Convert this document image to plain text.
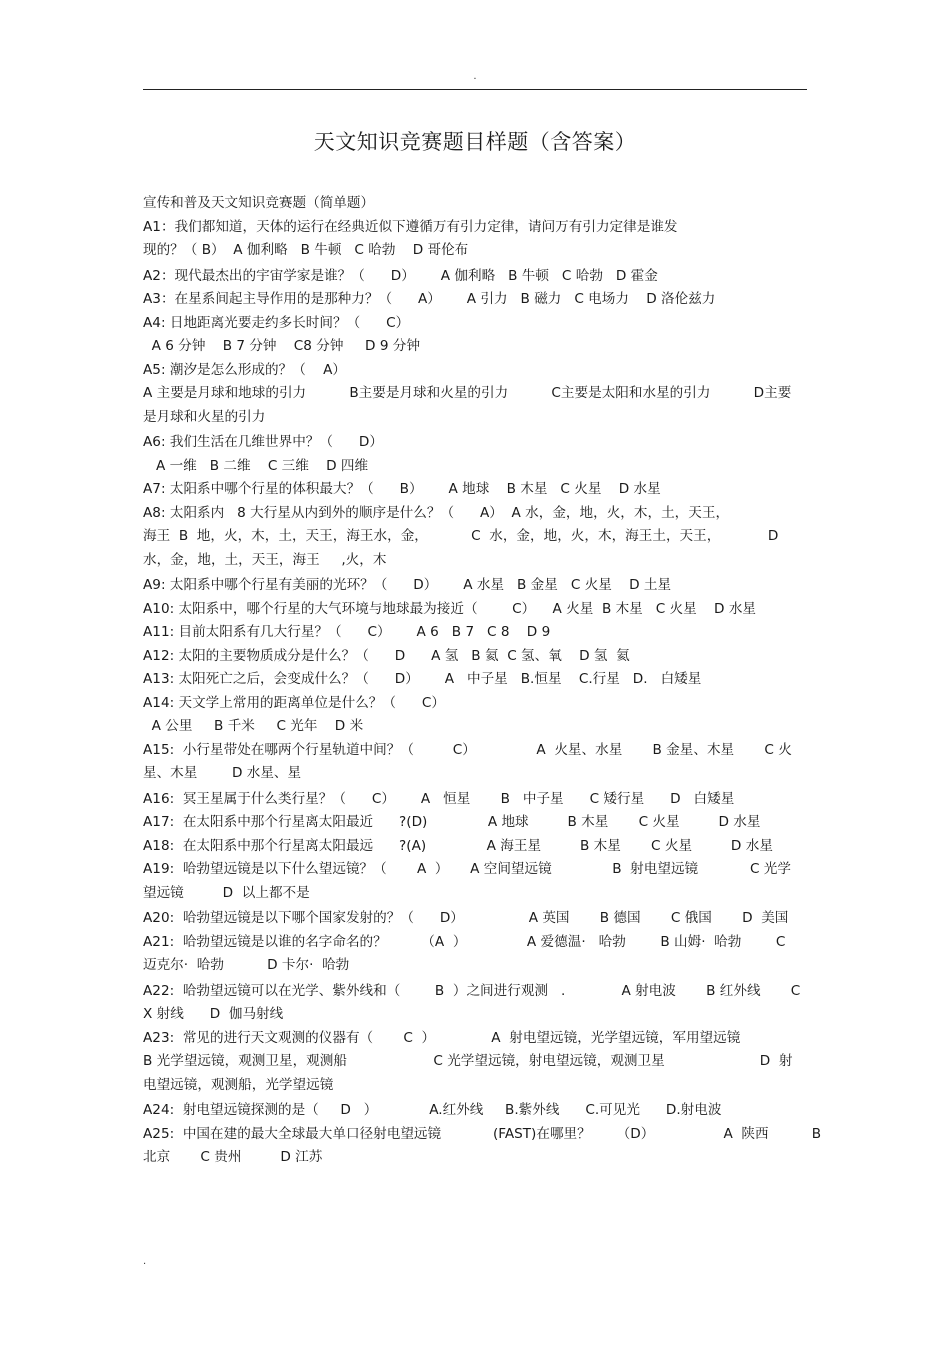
.
天文知识竞赛题目样题（含答案）
宣传和普及天文知识竞赛题（简单题）
A1：我们都知道，天体的运行在经典近似下遵循万有引力定律，请问万有引力定律是谁发
现的？（ B）  A 伽利略   B 牛顿   C 哈勃    D 哥伦布
A2：现代最杰出的宇宙学家是谁？（      D）      A 伽利略   B 牛顿   C 哈勃   D 霍金
A3：在星系间起主导作用的是那种力？（      A）      A 引力   B 磁力   C 电场力    D 洛伦兹力
A4: 日地距离光要走约多长时间？（      C）
A 6 分钟    B 7 分钟    C8 分钟     D 9 分钟
A5: 潮汐是怎么形成的？（    A）
A 主要是月球和地球的引力          B主要是月球和火星的引力          C主要是太阳和水星的引力          D主要
是月球和火星的引力
A6: 我们生活在几维世界中？（      D）
A 一维   B 二维    C 三维    D 四维
A7: 太阳系中哪个行星的体积最大？（      B）      A 地球    B 木星   C 火星    D 水星
A8: 太阳系内   8 大行星从内到外的顺序是什么？（      A）  A 水，金，地，火，木，土，天王，
海王  B  地，火，木，土，天王，海王水，金，          C  水，金，地，火，木，海王土，天王，           D
水，金，地，土，天王，海王     ,火，木
A9: 太阳系中哪个行星有美丽的光环？（      D）      A 水星   B 金星   C 火星    D 土星
A10: 太阳系中，哪个行星的大气环境与地球最为接近（        C）    A 火星  B 木星   C 火星    D 水星
A11: 目前太阳系有几大行星？（      C）      A 6   B 7   C 8    D 9
A12: 太阳的主要物质成分是什么？（      D      A 氢   B 氦  C 氢、氧    D 氢  氦
A13: 太阳死亡之后，会变成什么？（      D）      A   中子星   B.恒星    C.行星   D.   白矮星
A14: 天文学上常用的距离单位是什么？（      C）
A 公里     B 千米     C 光年    D 米
A15:  小行星带处在哪两个行星轨道中间？（         C）              A  火星、水星       B 金星、木星       C 火
星、木星        D 水星、星
A16:  冥王星属于什么类行星？（      C）      A   恒星       B   中子星      C 矮行星      D   白矮星
A17:  在太阳系中那个行星离太阳最近      ?(D)              A 地球         B 木星       C 火星         D 水星
A18:  在太阳系中那个行星离太阳最远      ?(A)              A 海王星         B 木星       C 火星         D 水星
A19:  哈勃望远镜是以下什么望远镜？（       A  ）     A 空间望远镜              B  射电望远镜            C 光学
望远镜         D  以上都不是
A20:  哈勃望远镜是以下哪个国家发射的？（      D）               A 英国       B 德国       C 俄国       D  美国
A21:  哈勃望远镜是以谁的名字命名的？        （A  ）              A 爱德温·   哈勃        B 山姆·  哈勃        C
迈克尔·  哈勃          D 卡尔·  哈勃
A22:  哈勃望远镜可以在光学、紫外线和（        B  ）之间进行观测   .             A 射电波       B 红外线       C
X 射线      D  伽马射线
A23:  常见的进行天文观测的仪器有（       C  ）             A  射电望远镜，光学望远镜，军用望远镜
B 光学望远镜，观测卫星，观测船                    C 光学望远镜，射电望远镜，观测卫星                      D  射
电望远镜，观测船，光学望远镜
A24:  射电望远镜探测的是（     D   ）            A.红外线     B.紫外线      C.可见光      D.射电波
A25:  中国在建的最大全球最大单口径射电望远镜            (FAST)在哪里？      （D）                A  陕西          B
北京       C 贵州         D 江苏
.
